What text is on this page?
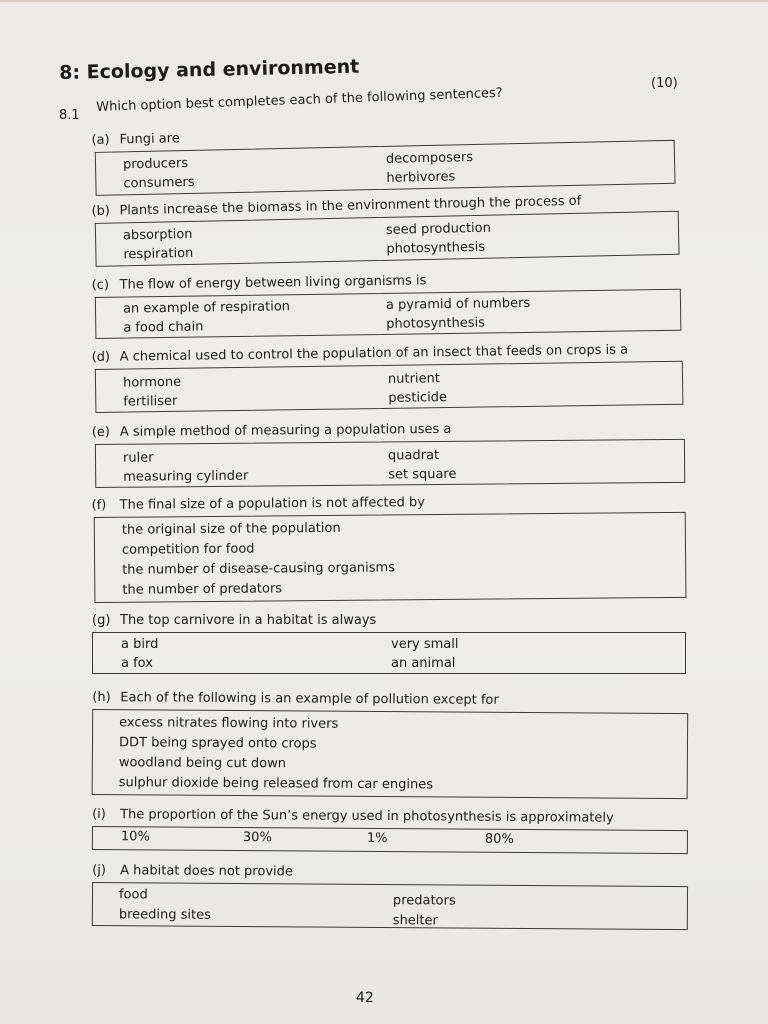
8: Ecology and environment	(10)
8.1
Which option best completes each of the following sentences?
(a) Fungi are
producers
consumers
decomposers
herbivores
(b) Plants increase the biomass in the environment through the process of
absorption
respiration
seed production
photosynthesis
(c) The flow of energy between living organisms is
an example of respiration
a food chain
a pyramid of numbers
photosynthesis
(d) A chemical used to control the population of an insect that feeds on crops is a
hormone
fertiliser
nutrient
pesticide
(e) A simple method of measuring a population uses a
ruler
measuring cylinder
quadrat
set square
(f) The final size of a population is not affected by
the original size of the population
competition for food
the number of disease-causing organisms
the number of predators
(g) The top carnivore in a habitat is always
a bird
a fox
very small
an animal
(h) Each of the following is an example of pollution except for
excess nitrates flowing into rivers
DDT being sprayed onto crops
woodland being cut down
sulphur dioxide being released from car engines
(i) The proportion of the Sun’s energy used in photosynthesis is approximately
10%	30%	1%	80%
(j) A habitat does not provide
food
breeding sites
predators
shelter
42
